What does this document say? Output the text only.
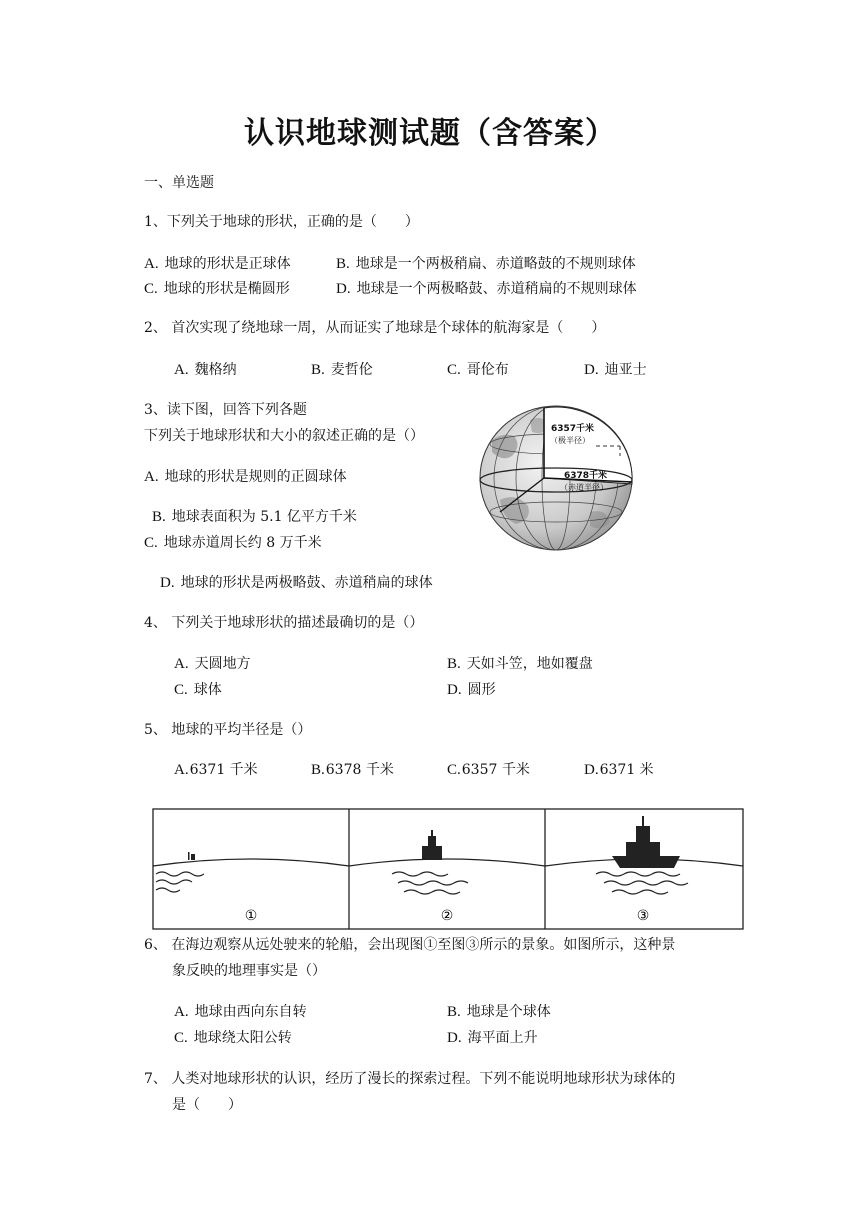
认识地球测试题（含答案）
一、单选题
1、下列关于地球的形状，正确的是（　　）
A. 地球的形状是正球体	B. 地球是一个两极稍扁、赤道略鼓的不规则球体
C. 地球的形状是椭圆形	D. 地球是一个两极略鼓、赤道稍扁的不规则球体
2、 首次实现了绕地球一周，从而证实了地球是个球体的航海家是（　　）
A. 魏格纳	B. 麦哲伦	C. 哥伦布	D. 迪亚士
3、读下图，回答下列各题
下列关于地球形状和大小的叙述正确的是（）
A. 地球的形状是规则的正圆球体
B. 地球表面积为 5.1 亿平方千米
C. 地球赤道周长约 8 万千米
D. 地球的形状是两极略鼓、赤道稍扁的球体
6357千米
（极半径）
6378千米
（赤道半径）
4、 下列关于地球形状的描述最确切的是（）
A. 天圆地方	B. 天如斗笠，地如覆盘
C. 球体	D. 圆形
5、 地球的平均半径是（）
A.6371 千米	B.6378 千米	C.6357 千米	D.6371 米
①	②	③
6、 在海边观察从远处驶来的轮船，会出现图①至图③所示的景象。如图所示，这种景
象反映的地理事实是（）
A. 地球由西向东自转	B. 地球是个球体
C. 地球绕太阳公转	D. 海平面上升
7、 人类对地球形状的认识，经历了漫长的探索过程。下列不能说明地球形状为球体的
是（　　）
